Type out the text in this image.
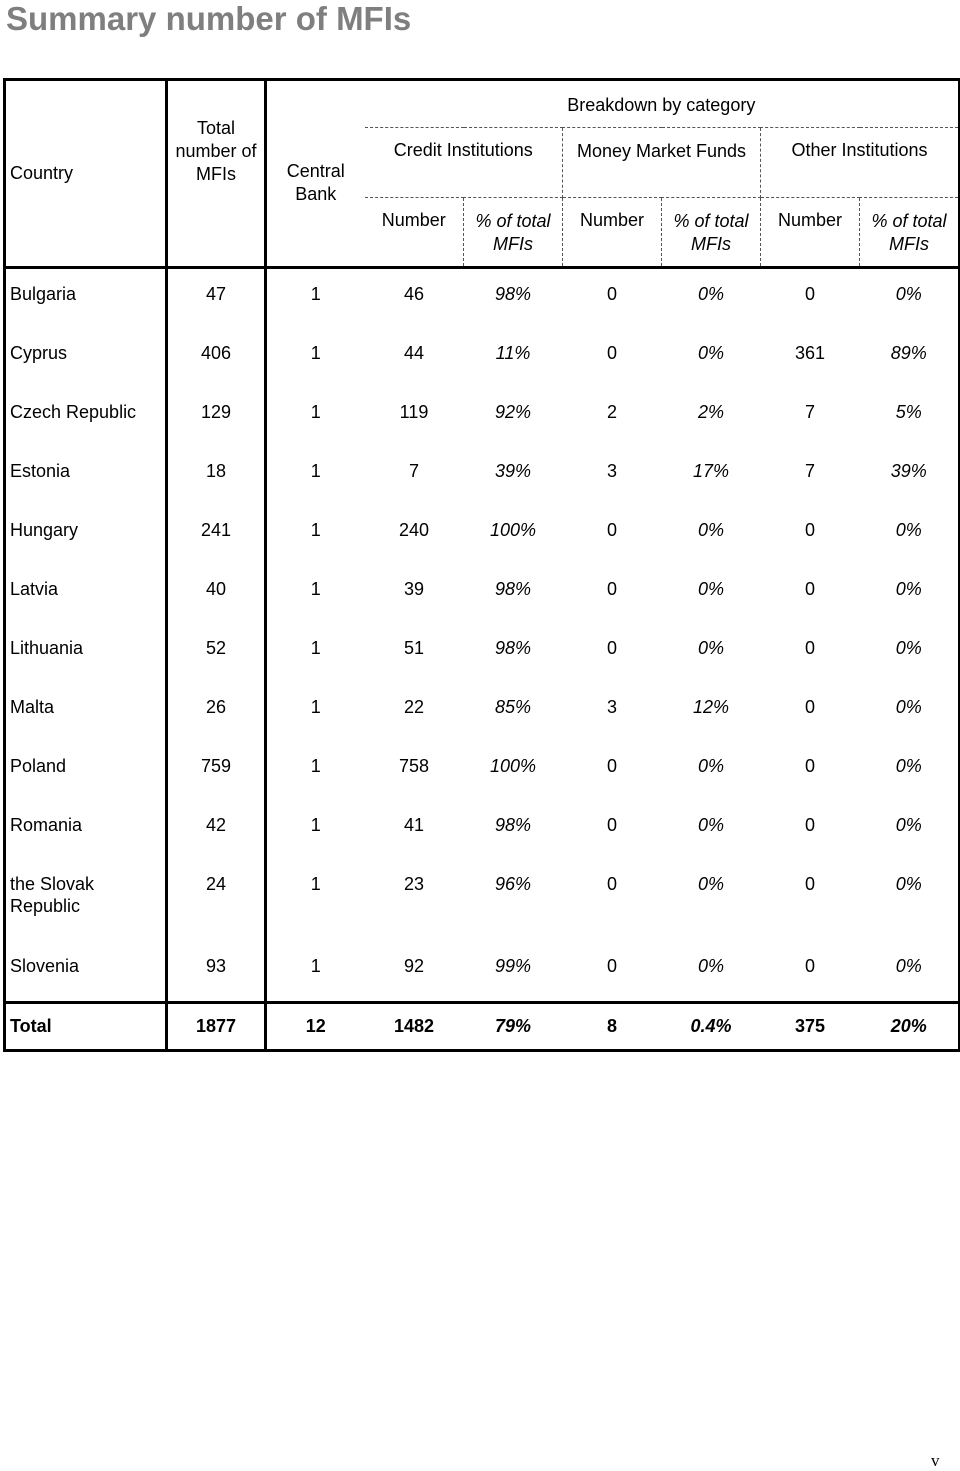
Summary number of MFIs
Country	Total number of MFIs	Central Bank	Breakdown by category					
			Credit Institutions		Money Market Funds		Other Institutions	
			Number	% of total MFIs	Number	% of total MFIs	Number	% of total MFIs
Bulgaria	47	1	46	98%	0	0%	0	0%
Cyprus	406	1	44	11%	0	0%	361	89%
Czech Republic	129	1	119	92%	2	2%	7	5%
Estonia	18	1	7	39%	3	17%	7	39%
Hungary	241	1	240	100%	0	0%	0	0%
Latvia	40	1	39	98%	0	0%	0	0%
Lithuania	52	1	51	98%	0	0%	0	0%
Malta	26	1	22	85%	3	12%	0	0%
Poland	759	1	758	100%	0	0%	0	0%
Romania	42	1	41	98%	0	0%	0	0%
the Slovak
Republic	24	1	23	96%	0	0%	0	0%
Slovenia	93	1	92	99%	0	0%	0	0%
Total	1877	12	1482	79%	8	0.4%	375	20%
v
